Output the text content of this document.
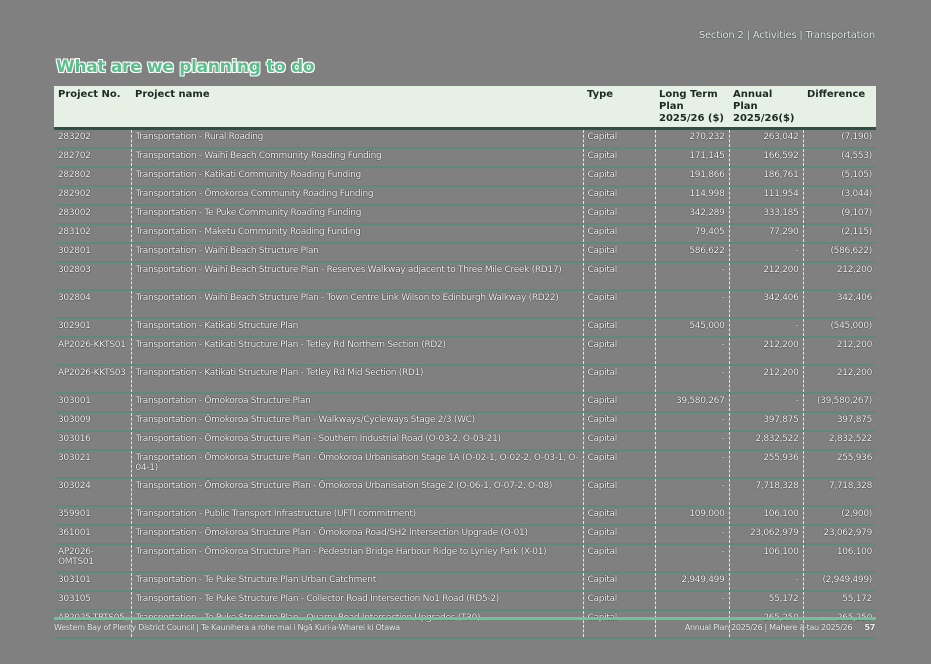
Section 2 | Activities | Transportation
What are we planning to do
Project No.	Project name	Type	Long Term Plan 2025/26 ($)	Annual Plan 2025/26($)	Difference
283202	Transportation - Rural Roading	Capital	270,232	263,042	(7,190)
282702	Transportation - Waihī Beach Community Roading Funding	Capital	171,145	166,592	(4,553)
282802	Transportation - Katikati Community Roading Funding	Capital	191,866	186,761	(5,105)
282902	Transportation - Ōmokoroa Community Roading Funding	Capital	114,998	111,954	(3,044)
283002	Transportation - Te Puke Community Roading Funding	Capital	342,289	333,185	(9,107)
283102	Transportation - Maketu Community Roading Funding	Capital	79,405	77,290	(2,115)
302801	Transportation - Waihī Beach Structure Plan	Capital	586,622	-	(586,622)
302803	Transportation - Waihī Beach Structure Plan - Reserves Walkway adjacent to Three Mile Creek (RD17)	Capital	-	212,200	212,200
302804	Transportation - Waihī Beach Structure Plan - Town Centre Link Wilson to Edinburgh Walkway (RD22)	Capital	-	342,406	342,406
302901	Transportation - Katikati Structure Plan	Capital	545,000	-	(545,000)
AP2026-KKTS01	Transportation - Katikati Structure Plan - Tetley Rd Northern Section (RD2)	Capital	-	212,200	212,200
AP2026-KKTS03	Transportation - Katikati Structure Plan - Tetley Rd Mid Section (RD1)	Capital	-	212,200	212,200
303001	Transportation - Ōmokoroa Structure Plan	Capital	39,580,267	-	(39,580,267)
303009	Transportation - Ōmokoroa Structure Plan - Walkways/Cycleways Stage 2/3 (WC)	Capital	-	397,875	397,875
303016	Transportation - Ōmokoroa Structure Plan - Southern Industrial Road (O-03-2, O-03-21)	Capital	-	2,832,522	2,832,522
303021	Transportation - Ōmokoroa Structure Plan - Ōmokoroa Urbanisation Stage 1A (O-02-1, O-02-2, O-03-1, O-04-1)	Capital	-	255,936	255,936
303024	Transportation - Ōmokoroa Structure Plan - Ōmokoroa Urbanisation Stage 2 (O-06-1, O-07-2, O-08)	Capital	-	7,718,328	7,718,328
359901	Transportation - Public Transport Infrastructure (UFTI commitment)	Capital	109,000	106,100	(2,900)
361001	Transportation - Ōmokoroa Structure Plan - Ōmokoroa Road/SH2 Intersection Upgrade (O-01)	Capital	-	23,062,979	23,062,979
AP2026-OMTS01	Transportation - Ōmokoroa Structure Plan - Pedestrian Bridge Harbour Ridge to Lynley Park (X-01)	Capital	-	106,100	106,100
303101	Transportation - Te Puke Structure Plan Urban Catchment	Capital	2,949,499	-	(2,949,499)
303105	Transportation - Te Puke Structure Plan - Collector Road Intersection No1 Road (RD5-2)	Capital	-	55,172	55,172

Western Bay of Plenty District Council | Te Kaunihera a rohe mai i Ngā Kuri-a-Wharei ki Otawa	Annual Plan 2025/26 | Mahere ā-tau 2025/26 57
